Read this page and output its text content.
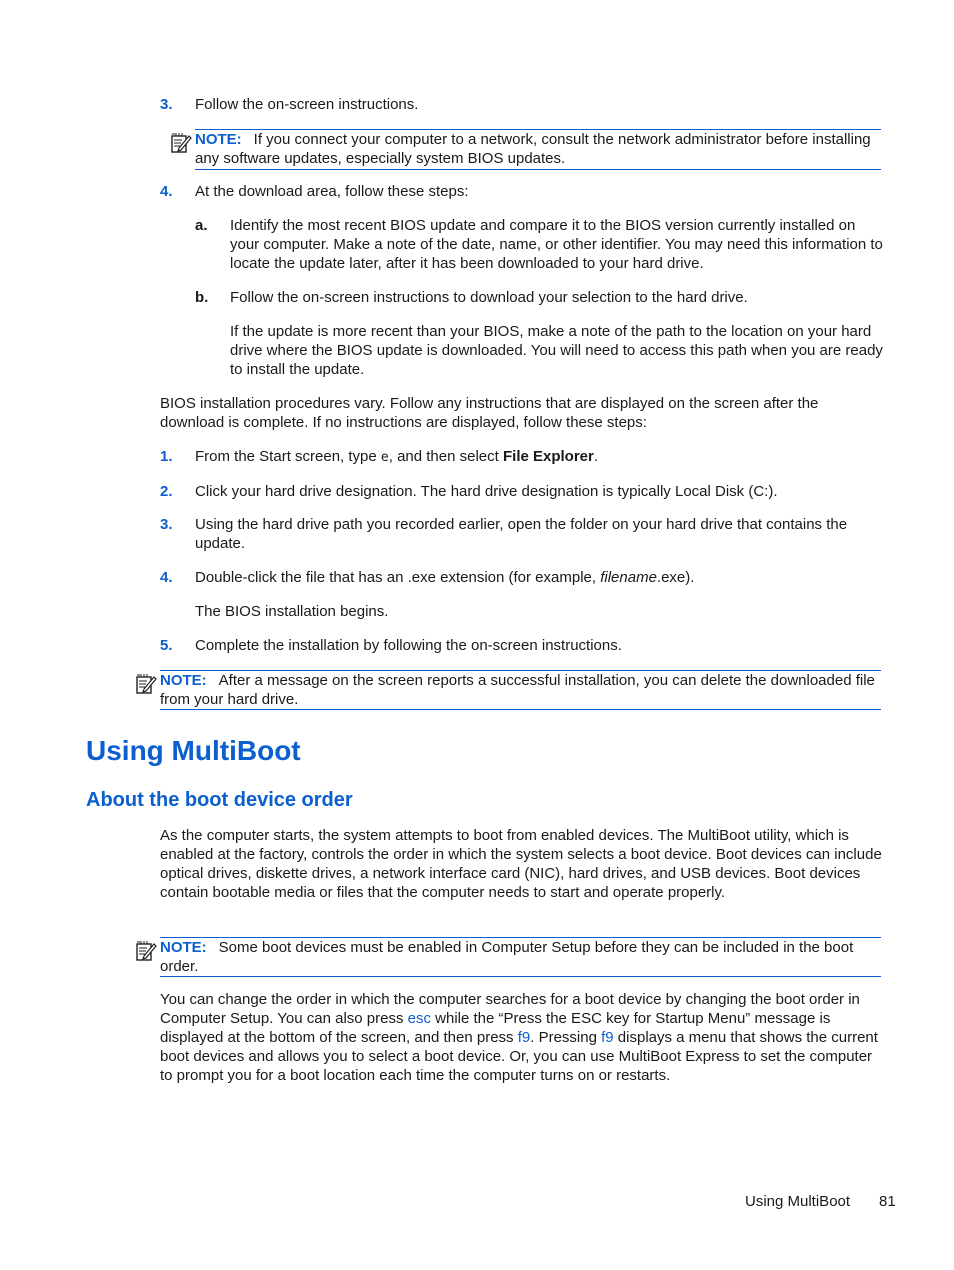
3. Follow the on-screen instructions.
NOTE: If you connect your computer to a network, consult the network administrator before installing any software updates, especially system BIOS updates.
4. At the download area, follow these steps:
a. Identify the most recent BIOS update and compare it to the BIOS version currently installed on your computer. Make a note of the date, name, or other identifier. You may need this information to locate the update later, after it has been downloaded to your hard drive.
b. Follow the on-screen instructions to download your selection to the hard drive.
If the update is more recent than your BIOS, make a note of the path to the location on your hard drive where the BIOS update is downloaded. You will need to access this path when you are ready to install the update.
BIOS installation procedures vary. Follow any instructions that are displayed on the screen after the download is complete. If no instructions are displayed, follow these steps:
1. From the Start screen, type e, and then select File Explorer.
2. Click your hard drive designation. The hard drive designation is typically Local Disk (C:).
3. Using the hard drive path you recorded earlier, open the folder on your hard drive that contains the update.
4. Double-click the file that has an .exe extension (for example, filename.exe).
The BIOS installation begins.
5. Complete the installation by following the on-screen instructions.
NOTE: After a message on the screen reports a successful installation, you can delete the downloaded file from your hard drive.
Using MultiBoot
About the boot device order
As the computer starts, the system attempts to boot from enabled devices. The MultiBoot utility, which is enabled at the factory, controls the order in which the system selects a boot device. Boot devices can include optical drives, diskette drives, a network interface card (NIC), hard drives, and USB devices. Boot devices contain bootable media or files that the computer needs to start and operate properly.
NOTE: Some boot devices must be enabled in Computer Setup before they can be included in the boot order.
You can change the order in which the computer searches for a boot device by changing the boot order in Computer Setup. You can also press esc while the “Press the ESC key for Startup Menu” message is displayed at the bottom of the screen, and then press f9. Pressing f9 displays a menu that shows the current boot devices and allows you to select a boot device. Or, you can use MultiBoot Express to set the computer to prompt you for a boot location each time the computer turns on or restarts.
Using MultiBoot 81
